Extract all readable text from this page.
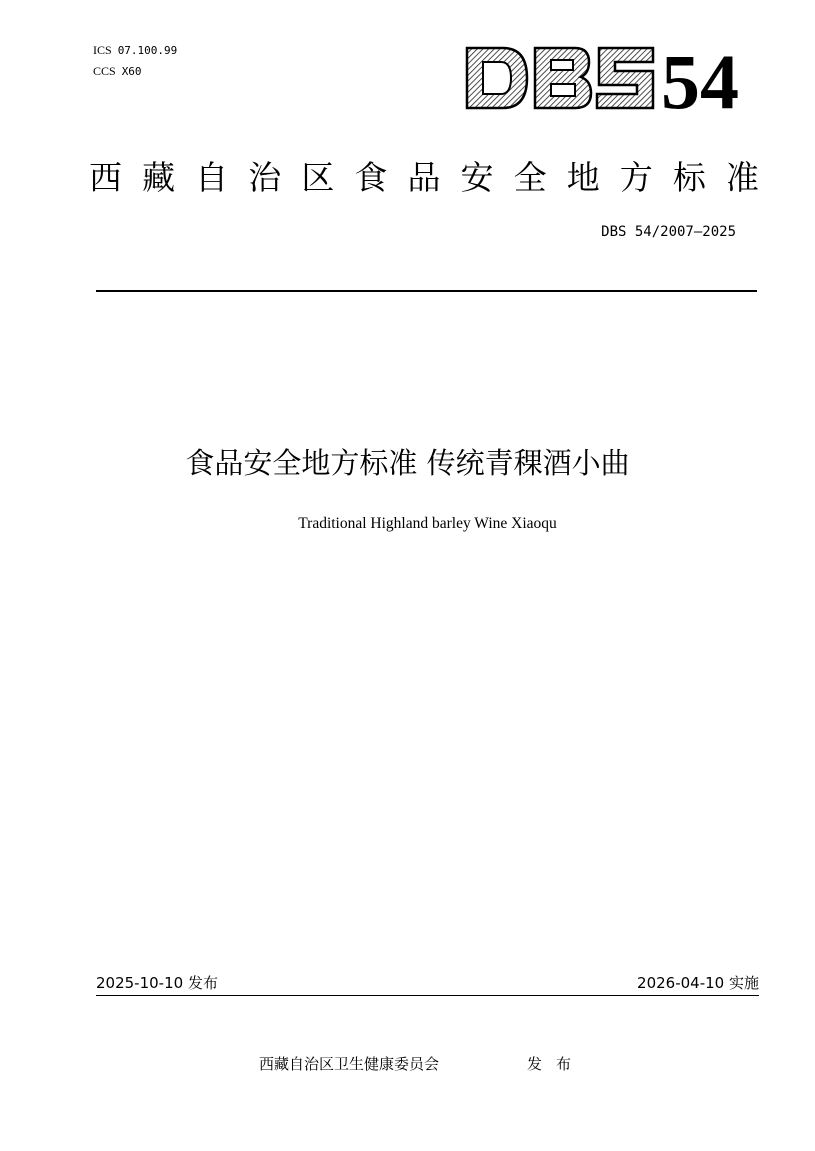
ICS 07.100.99
CCS X60	54
西 藏 自 治 区 食 品 安 全 地 方 标 准
DBS 54/2007—2025
食品安全地方标准 传统青稞酒小曲
Traditional Highland barley Wine Xiaoqu
2025-10-10 发布	2026-04-10 实施
西藏自治区卫生健康委员会	发布
